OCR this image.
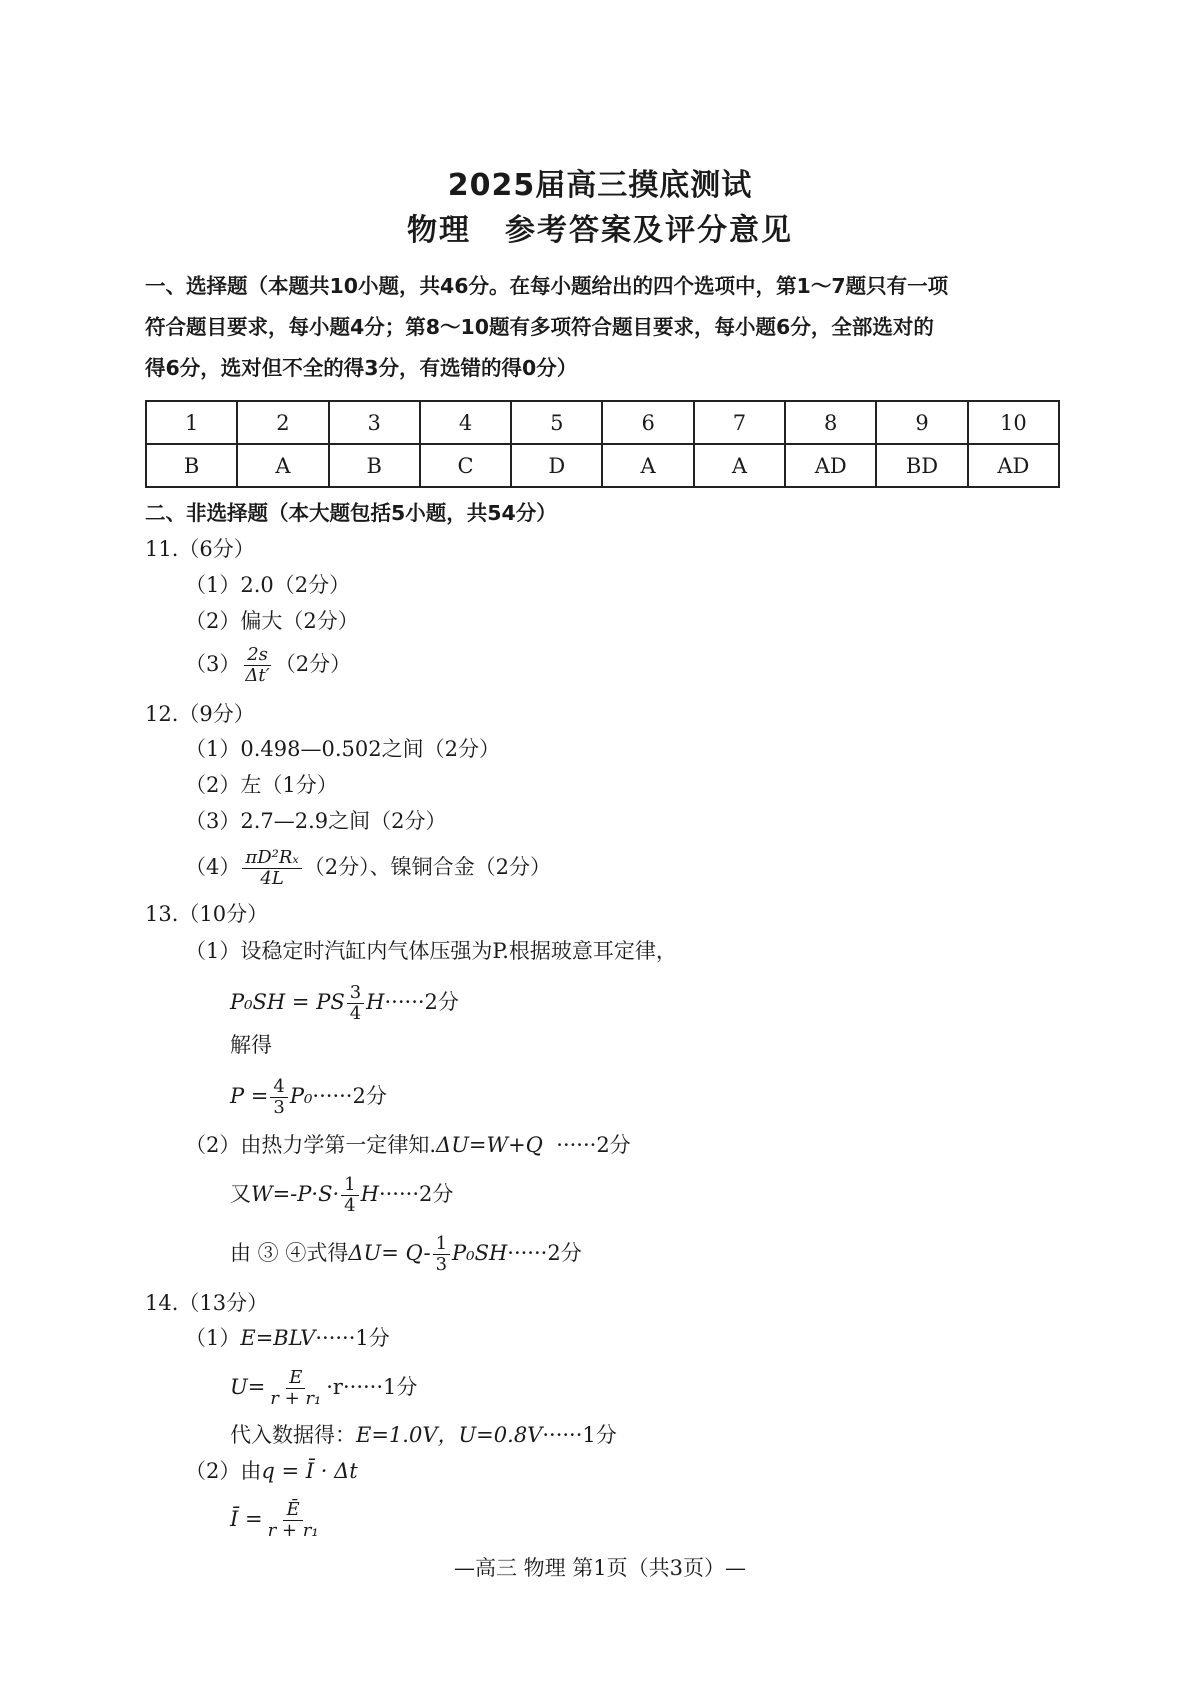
2025届高三摸底测试
物理 参考答案及评分意见
一、选择题（本题共10小题，共46分。在每小题给出的四个选项中，第1～7题只有一项
符合题目要求，每小题4分；第8～10题有多项符合题目要求，每小题6分，全部选对的
得6分，选对但不全的得3分，有选错的得0分）
1	2	3	4	5	6	7	8	9	10
B	A	B	C	D	A	A	AD	BD	AD
二、非选择题（本大题包括5小题，共54分）
11.（6分）
（1）2.0（2分）
（2）偏大（2分）
$(3) \frac{2s}{\Delta t'} (2$分）
12.（9分）
（1）0.498—0.502之间（2分）
（2）左（1分）
（3）2.7—2.9之间（2分）
$(4) \frac{\text{πD²Rₓ}}{4L} (2$分）、镍铜合金（2分）
13.（10分）
（1）设稳定时汽缸内气体压强为P.根据玻意耳定律，
P₀SH = PS $\frac{3}{4} H\cdot\cdot\cdot\cdot\cdot\cdot 2$分
解得
$P = \frac{4}{3} P_0\cdot\cdot\cdot\cdot\cdot\cdot 2$分
（2）由热力学第一定律知.ΔU=W+Q ······2分
又$W=-P\cdot S\cdot \frac{1}{4} H\cdot\cdot\cdot\cdot\cdot\cdot 2$分
由 ③ ④式得$\Delta U= Q- \frac{1}{3} P_0SH\cdot\cdot\cdot\cdot\cdot\cdot 2$分
14.（13分）
（1）E=BLV······1分
$U= \frac{E}{\text{r + r₁}} \cdot r\cdot\cdot\cdot\cdot\cdot\cdot 1$分
代入数据得：E=1.0V，U=0.8V······1分
（2）由q = Ī · Δt
Ī = $\frac{Ē}{\text{r + r₁}}$
—高三 物理 第1页（共3页）—
